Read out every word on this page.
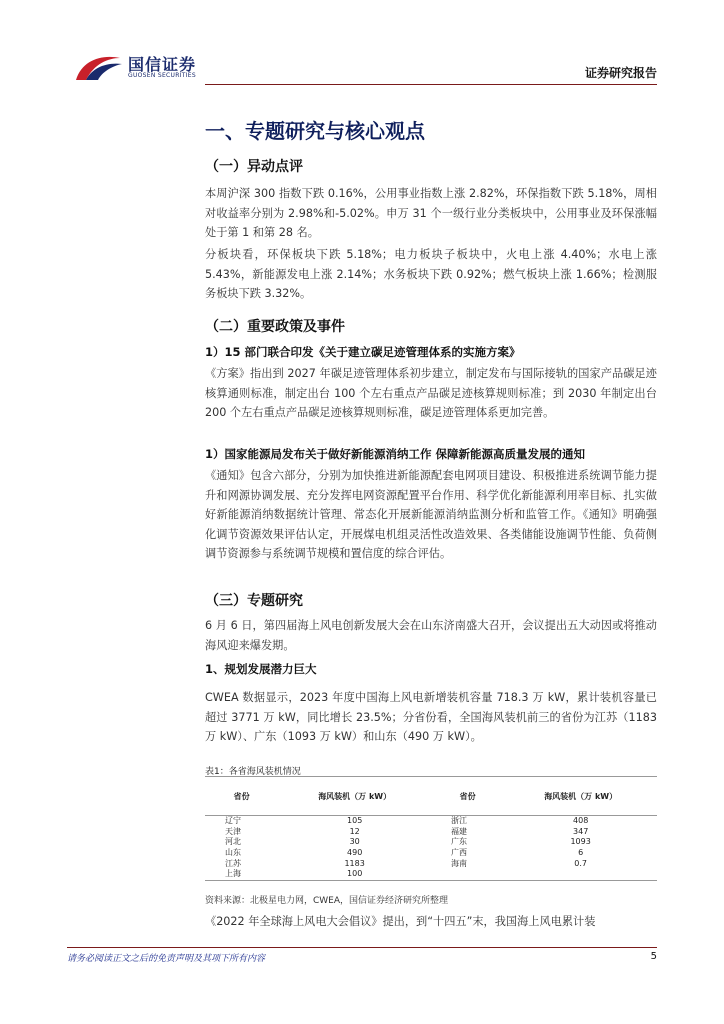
国信证券
GUOSEN SECURITIES	证券研究报告
一、专题研究与核心观点
（一）异动点评

本周沪深 300 指数下跌 0.16%，公用事业指数上涨 2.82%，环保指数下跌 5.18%，周相对收益率分别为 2.98%和-5.02%。申万 31 个一级行业分类板块中，公用事业及环保涨幅处于第 1 和第 28 名。

分板块看，环保板块下跌 5.18%；电力板块子板块中，火电上涨 4.40%；水电上涨 5.43%，新能源发电上涨 2.14%；水务板块下跌 0.92%；燃气板块上涨 1.66%；检测服务板块下跌 3.32%。

（二）重要政策及事件
1）15 部门联合印发《关于建立碳足迹管理体系的实施方案》

《方案》指出到 2027 年碳足迹管理体系初步建立，制定发布与国际接轨的国家产品碳足迹核算通则标准，制定出台 100 个左右重点产品碳足迹核算规则标准；到 2030 年制定出台 200 个左右重点产品碳足迹核算规则标准，碳足迹管理体系更加完善。

1）国家能源局发布关于做好新能源消纳工作 保障新能源高质量发展的通知

《通知》包含六部分，分别为加快推进新能源配套电网项目建设、积极推进系统调节能力提升和网源协调发展、充分发挥电网资源配置平台作用、科学优化新能源利用率目标、扎实做好新能源消纳数据统计管理、常态化开展新能源消纳监测分析和监管工作。《通知》明确强化调节资源效果评估认定，开展煤电机组灵活性改造效果、各类储能设施调节性能、负荷侧调节资源参与系统调节规模和置信度的综合评估。

（三）专题研究

6 月 6 日，第四届海上风电创新发展大会在山东济南盛大召开，会议提出五大动因或将推动海风迎来爆发期。

1、规划发展潜力巨大

CWEA 数据显示，2023 年度中国海上风电新增装机容量 718.3 万 kW，累计装机容量已超过 3771 万 kW，同比增长 23.5%；分省份看，全国海风装机前三的省份为江苏（1183 万 kW）、广东（1093 万 kW）和山东（490 万 kW）。

表1：各省海风装机情况
省份	海风装机（万 kW）	省份	海风装机（万 kW）
辽宁	105	浙江	408
天津	12	福建	347
河北	30	广东	1093
山东	490	广西	6
江苏	1183	海南	0.7
上海	100		
资料来源：北极星电力网，CWEA，国信证券经济研究所整理

《2022 年全球海上风电大会倡议》提出，到“十四五”末，我国海上风电累计装

请务必阅读正文之后的免责声明及其项下所有内容	5
